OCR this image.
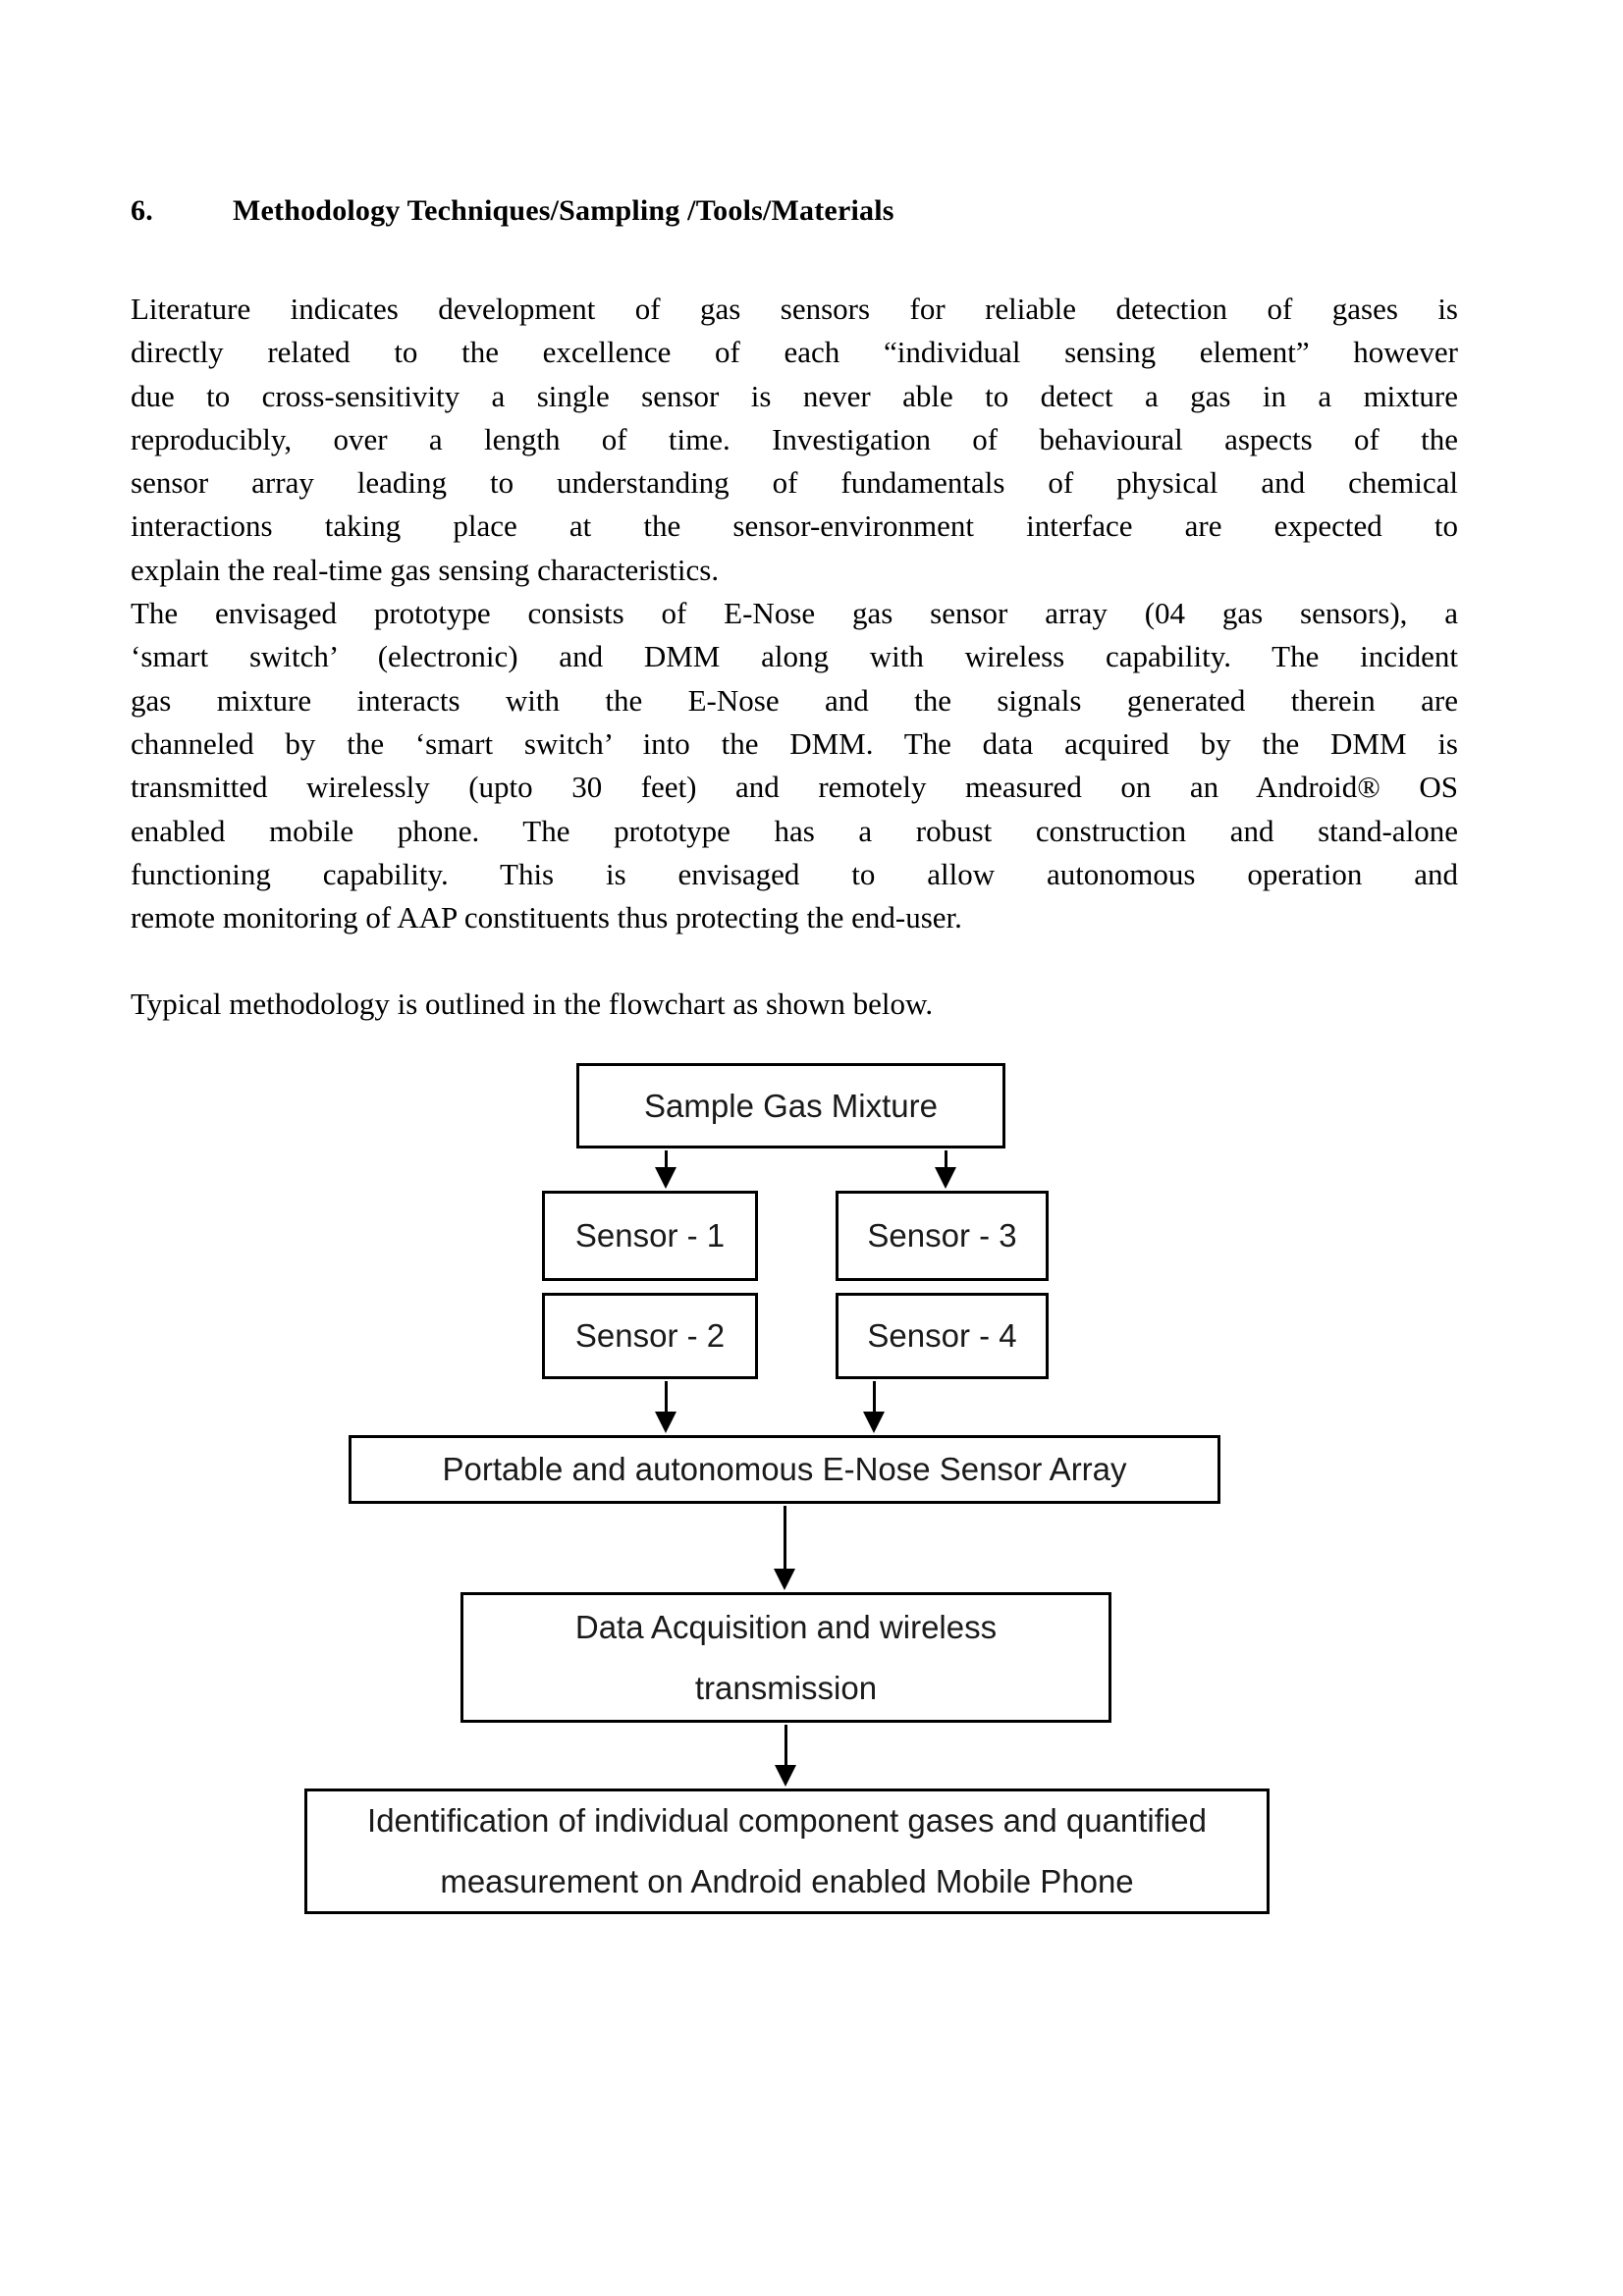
6.	Methodology Techniques/Sampling /Tools/Materials
Literature indicates development of gas sensors for reliable detection of gases is
directly related to the excellence of each “individual sensing element” however
due to cross-sensitivity a single sensor is never able to detect a gas in a mixture
reproducibly, over a length of time. Investigation of behavioural aspects of the
sensor array leading to understanding of fundamentals of physical and chemical
interactions taking place at the sensor-environment interface are expected to
explain the real-time gas sensing characteristics.
The envisaged prototype consists of E-Nose gas sensor array (04 gas sensors), a
‘smart switch’ (electronic) and DMM along with wireless capability. The incident
gas mixture interacts with the E-Nose and the signals generated therein are
channeled by the ‘smart switch’ into the DMM. The data acquired by the DMM is
transmitted wirelessly (upto 30 feet) and remotely measured on an Android® OS
enabled mobile phone. The prototype has a robust construction and stand-alone
functioning capability. This is envisaged to allow autonomous operation and
remote monitoring of AAP constituents thus protecting the end-user.
Typical methodology is outlined in the flowchart as shown below.
Sample Gas Mixture
Sensor - 1	Sensor - 3
Sensor - 2	Sensor - 4
Portable and autonomous E-Nose Sensor Array
Data Acquisition and wireless
transmission
Identification of individual component gases and quantified
measurement on Android enabled Mobile Phone
